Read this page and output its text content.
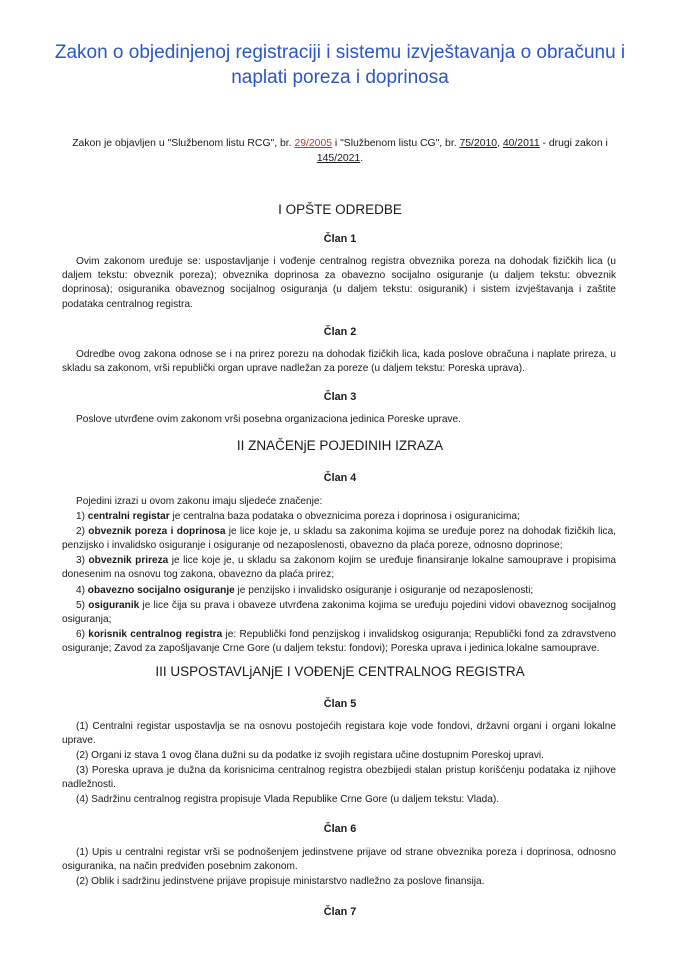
Zakon o objedinjenoj registraciji i sistemu izvještavanja o obračunu i naplati poreza i doprinosa
Zakon je objavljen u "Službenom listu RCG", br. 29/2005 i "Službenom listu CG", br. 75/2010, 40/2011 - drugi zakon i 145/2021.
I OPŠTE ODREDBE
Član 1
Ovim zakonom uređuje se: uspostavljanje i vođenje centralnog registra obveznika poreza na dohodak fizičkih lica (u daljem tekstu: obveznik poreza); obveznika doprinosa za obavezno socijalno osiguranje (u daljem tekstu: obveznik doprinosa); osiguranika obaveznog socijalnog osiguranja (u daljem tekstu: osiguranik) i sistem izvještavanja i zaštite podataka centralnog registra.
Član 2
Odredbe ovog zakona odnose se i na prirez porezu na dohodak fizičkih lica, kada poslove obračuna i naplate prireza, u skladu sa zakonom, vrši republički organ uprave nadležan za poreze (u daljem tekstu: Poreska uprava).
Član 3
Poslove utvrđene ovim zakonom vrši posebna organizaciona jedinica Poreske uprave.
II ZNAČENjE POJEDINIH IZRAZA
Član 4
Pojedini izrazi u ovom zakonu imaju sljedeće značenje:
1) centralni registar je centralna baza podataka o obveznicima poreza i doprinosa i osiguranicima;
2) obveznik poreza i doprinosa je lice koje je, u skladu sa zakonima kojima se uređuje porez na dohodak fizičkih lica, penzijsko i invalidsko osiguranje i osiguranje od nezaposlenosti, obavezno da plaća poreze, odnosno doprinose;
3) obveznik prireza je lice koje je, u skladu sa zakonom kojim se uređuje finansiranje lokalne samouprave i propisima donesenim na osnovu tog zakona, obavezno da plaća prirez;
4) obavezno socijalno osiguranje je penzijsko i invalidsko osiguranje i osiguranje od nezaposlenosti;
5) osiguranik je lice čija su prava i obaveze utvrđena zakonima kojima se uređuju pojedini vidovi obaveznog socijalnog osiguranja;
6) korisnik centralnog registra je: Republički fond penzijskog i invalidskog osiguranja; Republički fond za zdravstveno osiguranje; Zavod za zapošljavanje Crne Gore (u daljem tekstu: fondovi); Poreska uprava i jedinica lokalne samouprave.
III USPOSTAVLjANjE I VOĐENjE CENTRALNOG REGISTRA
Član 5
(1) Centralni registar uspostavlja se na osnovu postojećih registara koje vode fondovi, državni organi i organi lokalne uprave.
(2) Organi iz stava 1 ovog člana dužni su da podatke iz svojih registara učine dostupnim Poreskoj upravi.
(3) Poreska uprava je dužna da korisnicima centralnog registra obezbijedi stalan pristup korišćenju podataka iz njihove nadležnosti.
(4) Sadržinu centralnog registra propisuje Vlada Republike Crne Gore (u daljem tekstu: Vlada).
Član 6
(1) Upis u centralni registar vrši se podnošenjem jedinstvene prijave od strane obveznika poreza i doprinosa, odnosno osiguranika, na način predviđen posebnim zakonom.
(2) Oblik i sadržinu jedinstvene prijave propisuje ministarstvo nadležno za poslove finansija.
Član 7
